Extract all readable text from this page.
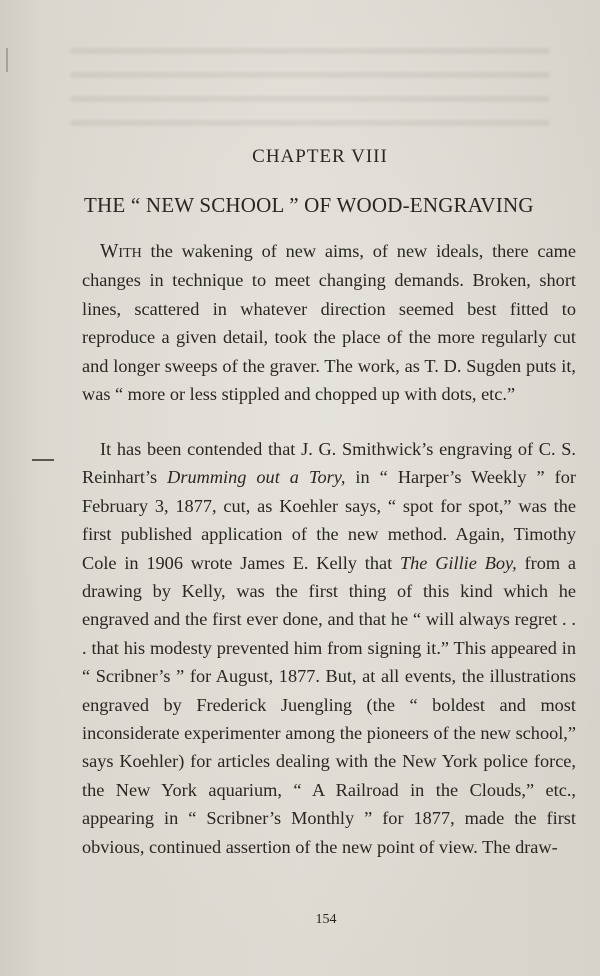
CHAPTER VIII
THE “ NEW SCHOOL ” OF WOOD-ENGRAVING
With the wakening of new aims, of new ideals, there came changes in technique to meet changing demands. Broken, short lines, scattered in whatever direction seemed best fitted to reproduce a given detail, took the place of the more regularly cut and longer sweeps of the graver. The work, as T. D. Sugden puts it, was “ more or less stippled and chopped up with dots, etc.”
It has been contended that J. G. Smithwick’s engraving of C. S. Reinhart’s Drumming out a Tory, in “ Harper’s Weekly ” for February 3, 1877, cut, as Koehler says, “ spot for spot,” was the first published application of the new method. Again, Timothy Cole in 1906 wrote James E. Kelly that The Gillie Boy, from a drawing by Kelly, was the first thing of this kind which he engraved and the first ever done, and that he “ will always regret . . . that his modesty prevented him from signing it.” This appeared in “ Scribner’s ” for August, 1877. But, at all events, the illustrations engraved by Frederick Juengling (the “ boldest and most inconsiderate experimenter among the pioneers of the new school,” says Koehler) for articles dealing with the New York police force, the New York aquarium, “ A Railroad in the Clouds,” etc., appearing in “ Scribner’s Monthly ” for 1877, made the first obvious, continued assertion of the new point of view. The draw-
154
